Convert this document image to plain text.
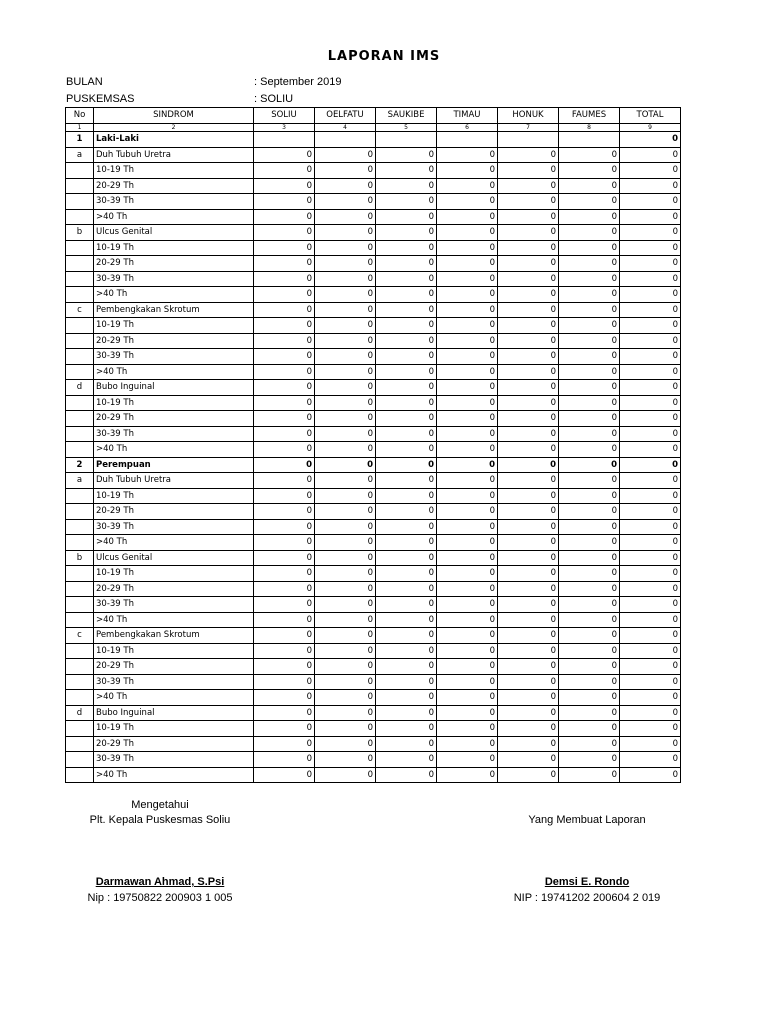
LAPORAN IMS
BULAN	: September 2019
PUSKEMSAS	: SOLIU
No	SINDROM	SOLIU	OELFATU	SAUKIBE	TIMAU	HONUK	FAUMES	TOTAL
1	2	3	4	5	6	7	8	9
1	Laki-Laki							0
a	Duh Tubuh Uretra	0	0	0	0	0	0	0
	10-19 Th	0	0	0	0	0	0	0
	20-29 Th	0	0	0	0	0	0	0
	30-39 Th	0	0	0	0	0	0	0
	>40 Th	0	0	0	0	0	0	0
b	Ulcus Genital	0	0	0	0	0	0	0
	10-19 Th	0	0	0	0	0	0	0
	20-29 Th	0	0	0	0	0	0	0
	30-39 Th	0	0	0	0	0	0	0
	>40 Th	0	0	0	0	0	0	0
c	Pembengkakan Skrotum	0	0	0	0	0	0	0
	10-19 Th	0	0	0	0	0	0	0
	20-29 Th	0	0	0	0	0	0	0
	30-39 Th	0	0	0	0	0	0	0
	>40 Th	0	0	0	0	0	0	0
d	Bubo Inguinal	0	0	0	0	0	0	0
	10-19 Th	0	0	0	0	0	0	0
	20-29 Th	0	0	0	0	0	0	0
	30-39 Th	0	0	0	0	0	0	0
	>40 Th	0	0	0	0	0	0	0
2	Perempuan	0	0	0	0	0	0	0
a	Duh Tubuh Uretra	0	0	0	0	0	0	0
	10-19 Th	0	0	0	0	0	0	0
	20-29 Th	0	0	0	0	0	0	0
	30-39 Th	0	0	0	0	0	0	0
	>40 Th	0	0	0	0	0	0	0
b	Ulcus Genital	0	0	0	0	0	0	0
	10-19 Th	0	0	0	0	0	0	0
	20-29 Th	0	0	0	0	0	0	0
	30-39 Th	0	0	0	0	0	0	0
	>40 Th	0	0	0	0	0	0	0
c	Pembengkakan Skrotum	0	0	0	0	0	0	0
	10-19 Th	0	0	0	0	0	0	0
	20-29 Th	0	0	0	0	0	0	0
	30-39 Th	0	0	0	0	0	0	0
	>40 Th	0	0	0	0	0	0	0
d	Bubo Inguinal	0	0	0	0	0	0	0
	10-19 Th	0	0	0	0	0	0	0
	20-29 Th	0	0	0	0	0	0	0
	30-39 Th	0	0	0	0	0	0	0
	>40 Th	0	0	0	0	0	0	0
Mengetahui
Plt. Kepala Puskesmas Soliu
Darmawan Ahmad, S.Psi
Nip : 19750822 200903 1 005
Yang Membuat Laporan
Demsi E. Rondo
NIP : 19741202 200604 2 019
